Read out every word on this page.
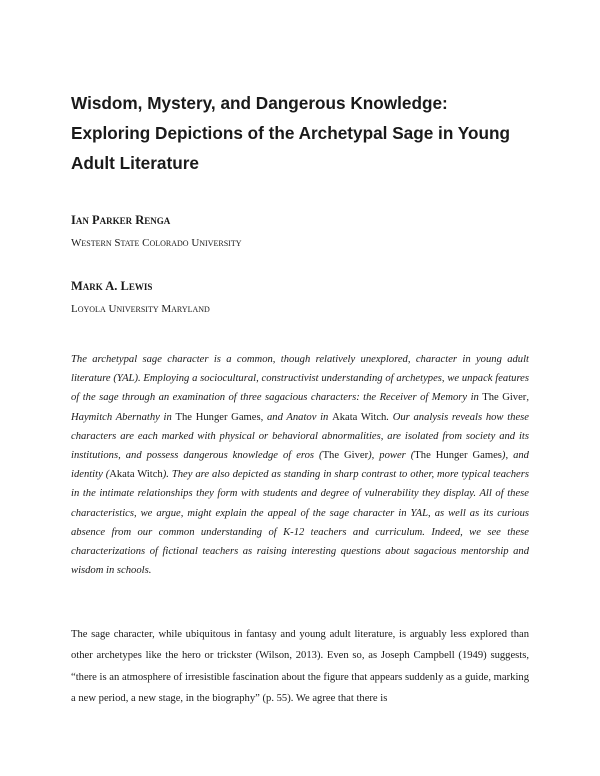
Wisdom, Mystery, and Dangerous Knowledge:
Exploring Depictions of the Archetypal Sage in Young
Adult Literature

Ian Parker Renga

Western State Colorado University

Mark A. Lewis

Loyola University Maryland

The archetypal sage character is a common, though relatively unexplored, character in young adult literature (YAL). Employing a sociocultural, constructivist understanding of archetypes, we unpack features of the sage through an examination of three sagacious characters: the Receiver of Memory in The Giver, Haymitch Abernathy in The Hunger Games, and Anatov in Akata Witch. Our analysis reveals how these characters are each marked with physical or behavioral abnormalities, are isolated from society and its institutions, and possess dangerous knowledge of eros (The Giver), power (The Hunger Games), and identity (Akata Witch). They are also depicted as standing in sharp contrast to other, more typical teachers in the intimate relationships they form with students and degree of vulnerability they display. All of these characteristics, we argue, might explain the appeal of the sage character in YAL, as well as its curious absence from our common understanding of K-12 teachers and curriculum. Indeed, we see these characterizations of fictional teachers as raising interesting questions about sagacious mentorship and wisdom in schools.

The sage character, while ubiquitous in fantasy and young adult literature, is arguably less explored than other archetypes like the hero or trickster (Wilson, 2013). Even so, as Joseph Campbell (1949) suggests, “there is an atmosphere of irresistible fascination about the figure that appears suddenly as a guide, marking a new period, a new stage, in the biography” (p. 55). We agree that there is
